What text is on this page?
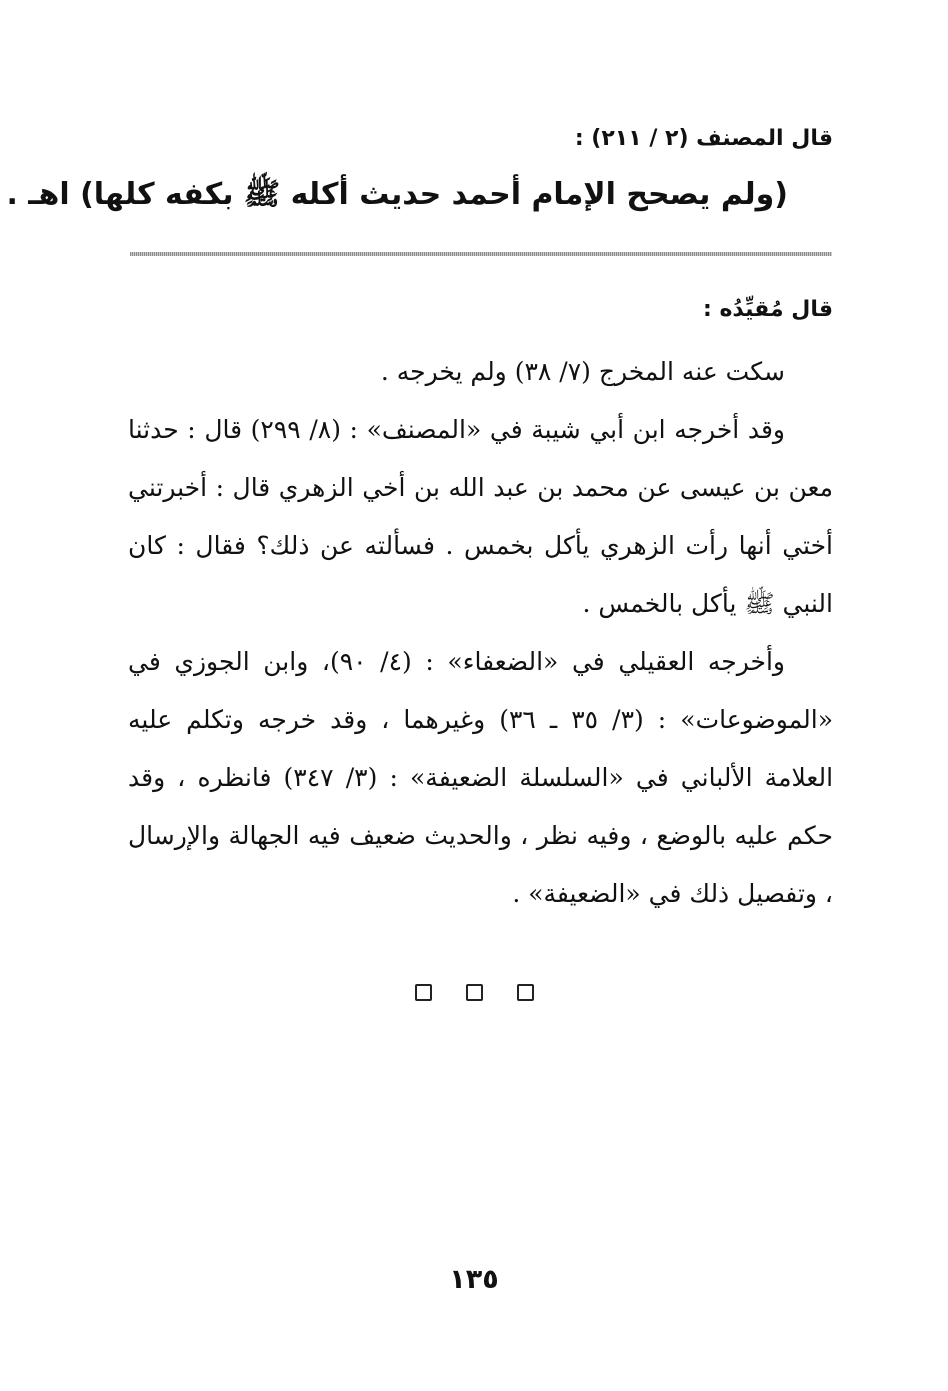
قال المصنف (٢ / ٢١١) :
(ولم يصحح الإمام أحمد حديث أكله ﷺ بكفه كلها) اهـ .
قال مُقيِّدُه :

سكت عنه المخرج (٧/ ٣٨) ولم يخرجه .

وقد أخرجه ابن أبي شيبة في «المصنف» : (٨/ ٢٩٩) قال : حدثنا معن بن عيسى عن محمد بن عبد الله بن أخي الزهري قال : أخبرتني أختي أنها رأت الزهري يأكل بخمس . فسألته عن ذلك؟ فقال : كان النبي ﷺ يأكل بالخمس .

وأخرجه العقيلي في «الضعفاء» : (٤/ ٩٠)، وابن الجوزي في «الموضوعات» : (٣/ ٣٥ ـ ٣٦) وغيرهما ، وقد خرجه وتكلم عليه العلامة الألباني في «السلسلة الضعيفة» : (٣/ ٣٤٧) فانظره ، وقد حكم عليه بالوضع ، وفيه نظر ، والحديث ضعيف فيه الجهالة والإرسال ، وتفصيل ذلك في «الضعيفة» .

١٣٥
